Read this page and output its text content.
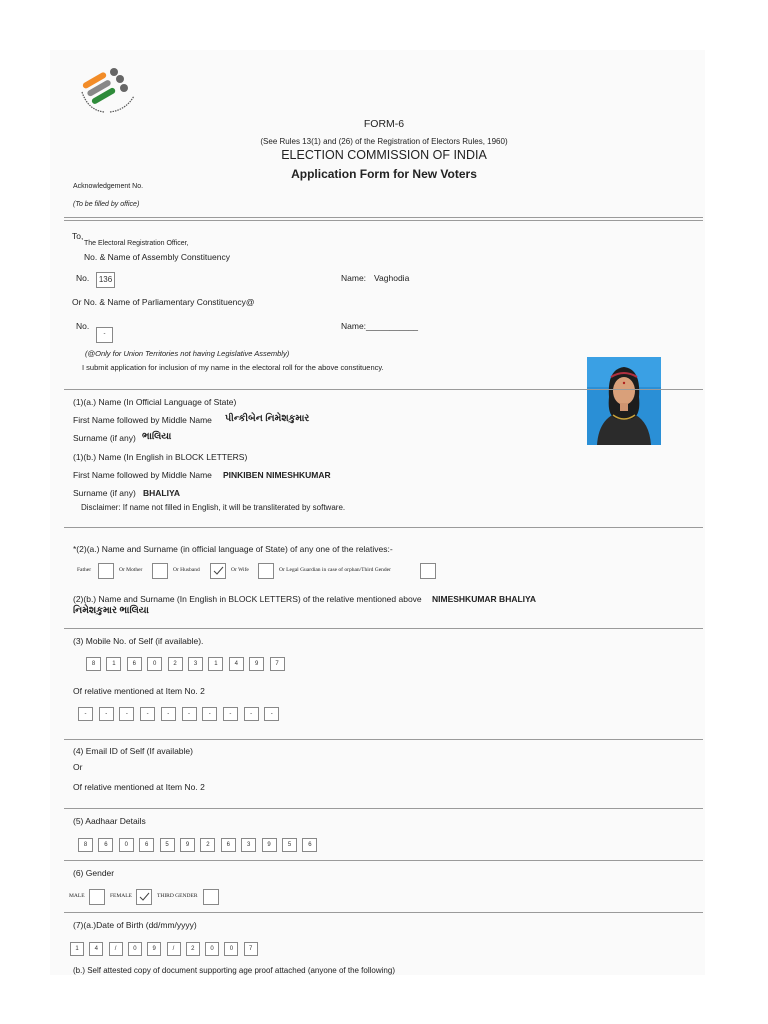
FORM-6
(See Rules 13(1) and (26) of the Registration of Electors Rules, 1960)
ELECTION COMMISSION OF INDIA
Application Form for New Voters
Acknowledgement No.
(To be filled by office)
To,
The Electoral Registration Officer,
No. & Name of Assembly Constituency
No.	136	Name: Vaghodia
Or No. & Name of Parliamentary Constituency@
No.
-
Name:___________
(@Only for Union Territories not having Legislative Assembly)
I submit application for inclusion of my name in the electoral roll for the above constituency.
(1)(a.) Name (In Official Language of State)
First Name followed by Middle Name પીન્કીબેન નિમેશકુમાર
Surname (if any) ભાલિયા
(1)(b.) Name (In English in BLOCK LETTERS)
First Name followed by Middle Name PINKIBEN NIMESHKUMAR
Surname (if any) BHALIYA
Disclaimer: If name not filled in English, it will be transliterated by software.
*(2)(a.) Name and Surname (in official language of State) of any one of the relatives:-
Father	Or Mother	Or Husband	Or Wife	Or Legal Guardian in case of orphan/Third Gender
(2)(b.) Name and Surname (In English in BLOCK LETTERS) of the relative mentioned above NIMESHKUMAR BHALIYA
નિમેશકુમાર ભાલિયા
(3) Mobile No. of Self (if available).
8	1	6	0	2	3	1	4	9	7
Of relative mentioned at Item No. 2
-	-	-	-	-	-	-	-	-	-
(4) Email ID of Self (If available)
Or
Of relative mentioned at Item No. 2
(5) Aadhaar Details
8	6	0	6	5	9	2	6	3	9	5	6
(6) Gender
MALE	FEMALE	THIRD GENDER
(7)(a.)Date of Birth (dd/mm/yyyy)
1	4	/	0	9	/	2	0	0	7
(b.) Self attested copy of document supporting age proof attached (anyone of the following)
